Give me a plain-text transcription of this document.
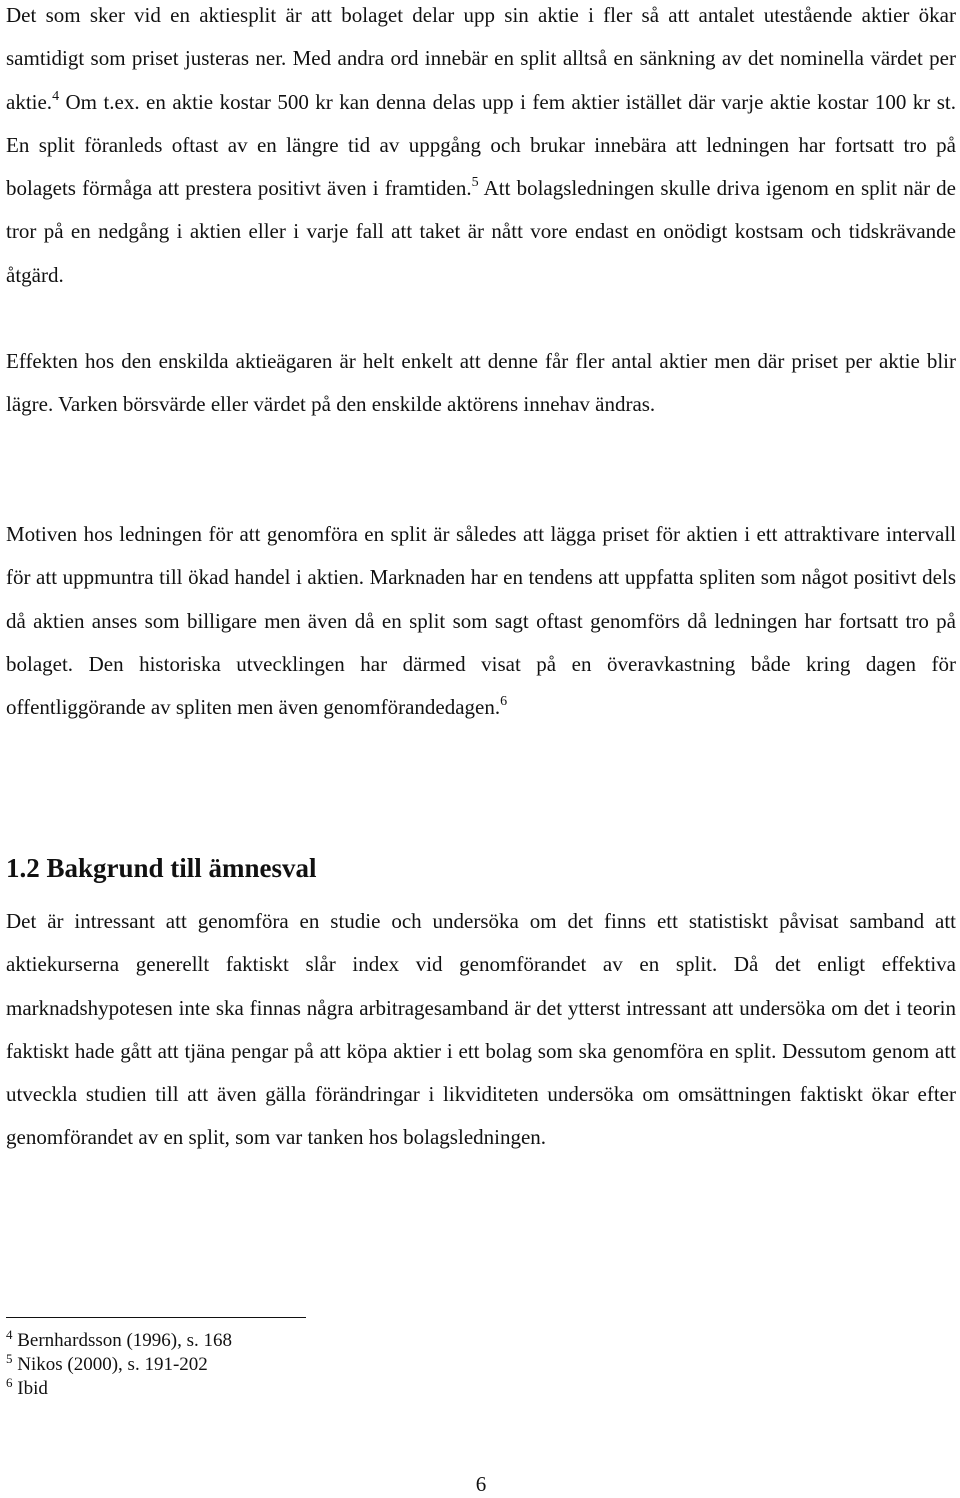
Det som sker vid en aktiesplit är att bolaget delar upp sin aktie i fler så att antalet utestående aktier ökar samtidigt som priset justeras ner. Med andra ord innebär en split alltså en sänkning av det nominella värdet per aktie.$^4$ Om t.ex. en aktie kostar 500 kr kan denna delas upp i fem aktier istället där varje aktie kostar 100 kr st. En split föranleds oftast av en längre tid av uppgång och brukar innebära att ledningen har fortsatt tro på bolagets förmåga att prestera positivt även i framtiden.$^5$ Att bolagsledningen skulle driva igenom en split när de tror på en nedgång i aktien eller i varje fall att taket är nått vore endast en onödigt kostsam och tidskrävande åtgärd.

Effekten hos den enskilda aktieägaren är helt enkelt att denne får fler antal aktier men där priset per aktie blir lägre. Varken börsvärde eller värdet på den enskilde aktörens innehav ändras.

Motiven hos ledningen för att genomföra en split är således att lägga priset för aktien i ett attraktivare intervall för att uppmuntra till ökad handel i aktien. Marknaden har en tendens att uppfatta spliten som något positivt dels då aktien anses som billigare men även då en split som sagt oftast genomförs då ledningen har fortsatt tro på bolaget. Den historiska utvecklingen har därmed visat på en överavkastning både kring dagen för offentliggörande av spliten men även genomförandedagen.$^6$

1.2 Bakgrund till ämnesval

Det är intressant att genomföra en studie och undersöka om det finns ett statistiskt påvisat samband att aktiekurserna generellt faktiskt slår index vid genomförandet av en split. Då det enligt effektiva marknadshypotesen inte ska finnas några arbitragesamband är det ytterst intressant att undersöka om det i teorin faktiskt hade gått att tjäna pengar på att köpa aktier i ett bolag som ska genomföra en split. Dessutom genom att utveckla studien till att även gälla förändringar i likviditeten undersöka om omsättningen faktiskt ökar efter genomförandet av en split, som var tanken hos bolagsledningen.

$^4$ Bernhardsson (1996), s. 168

$^5$ Nikos (2000), s. 191-202

$^6$ Ibid

6
